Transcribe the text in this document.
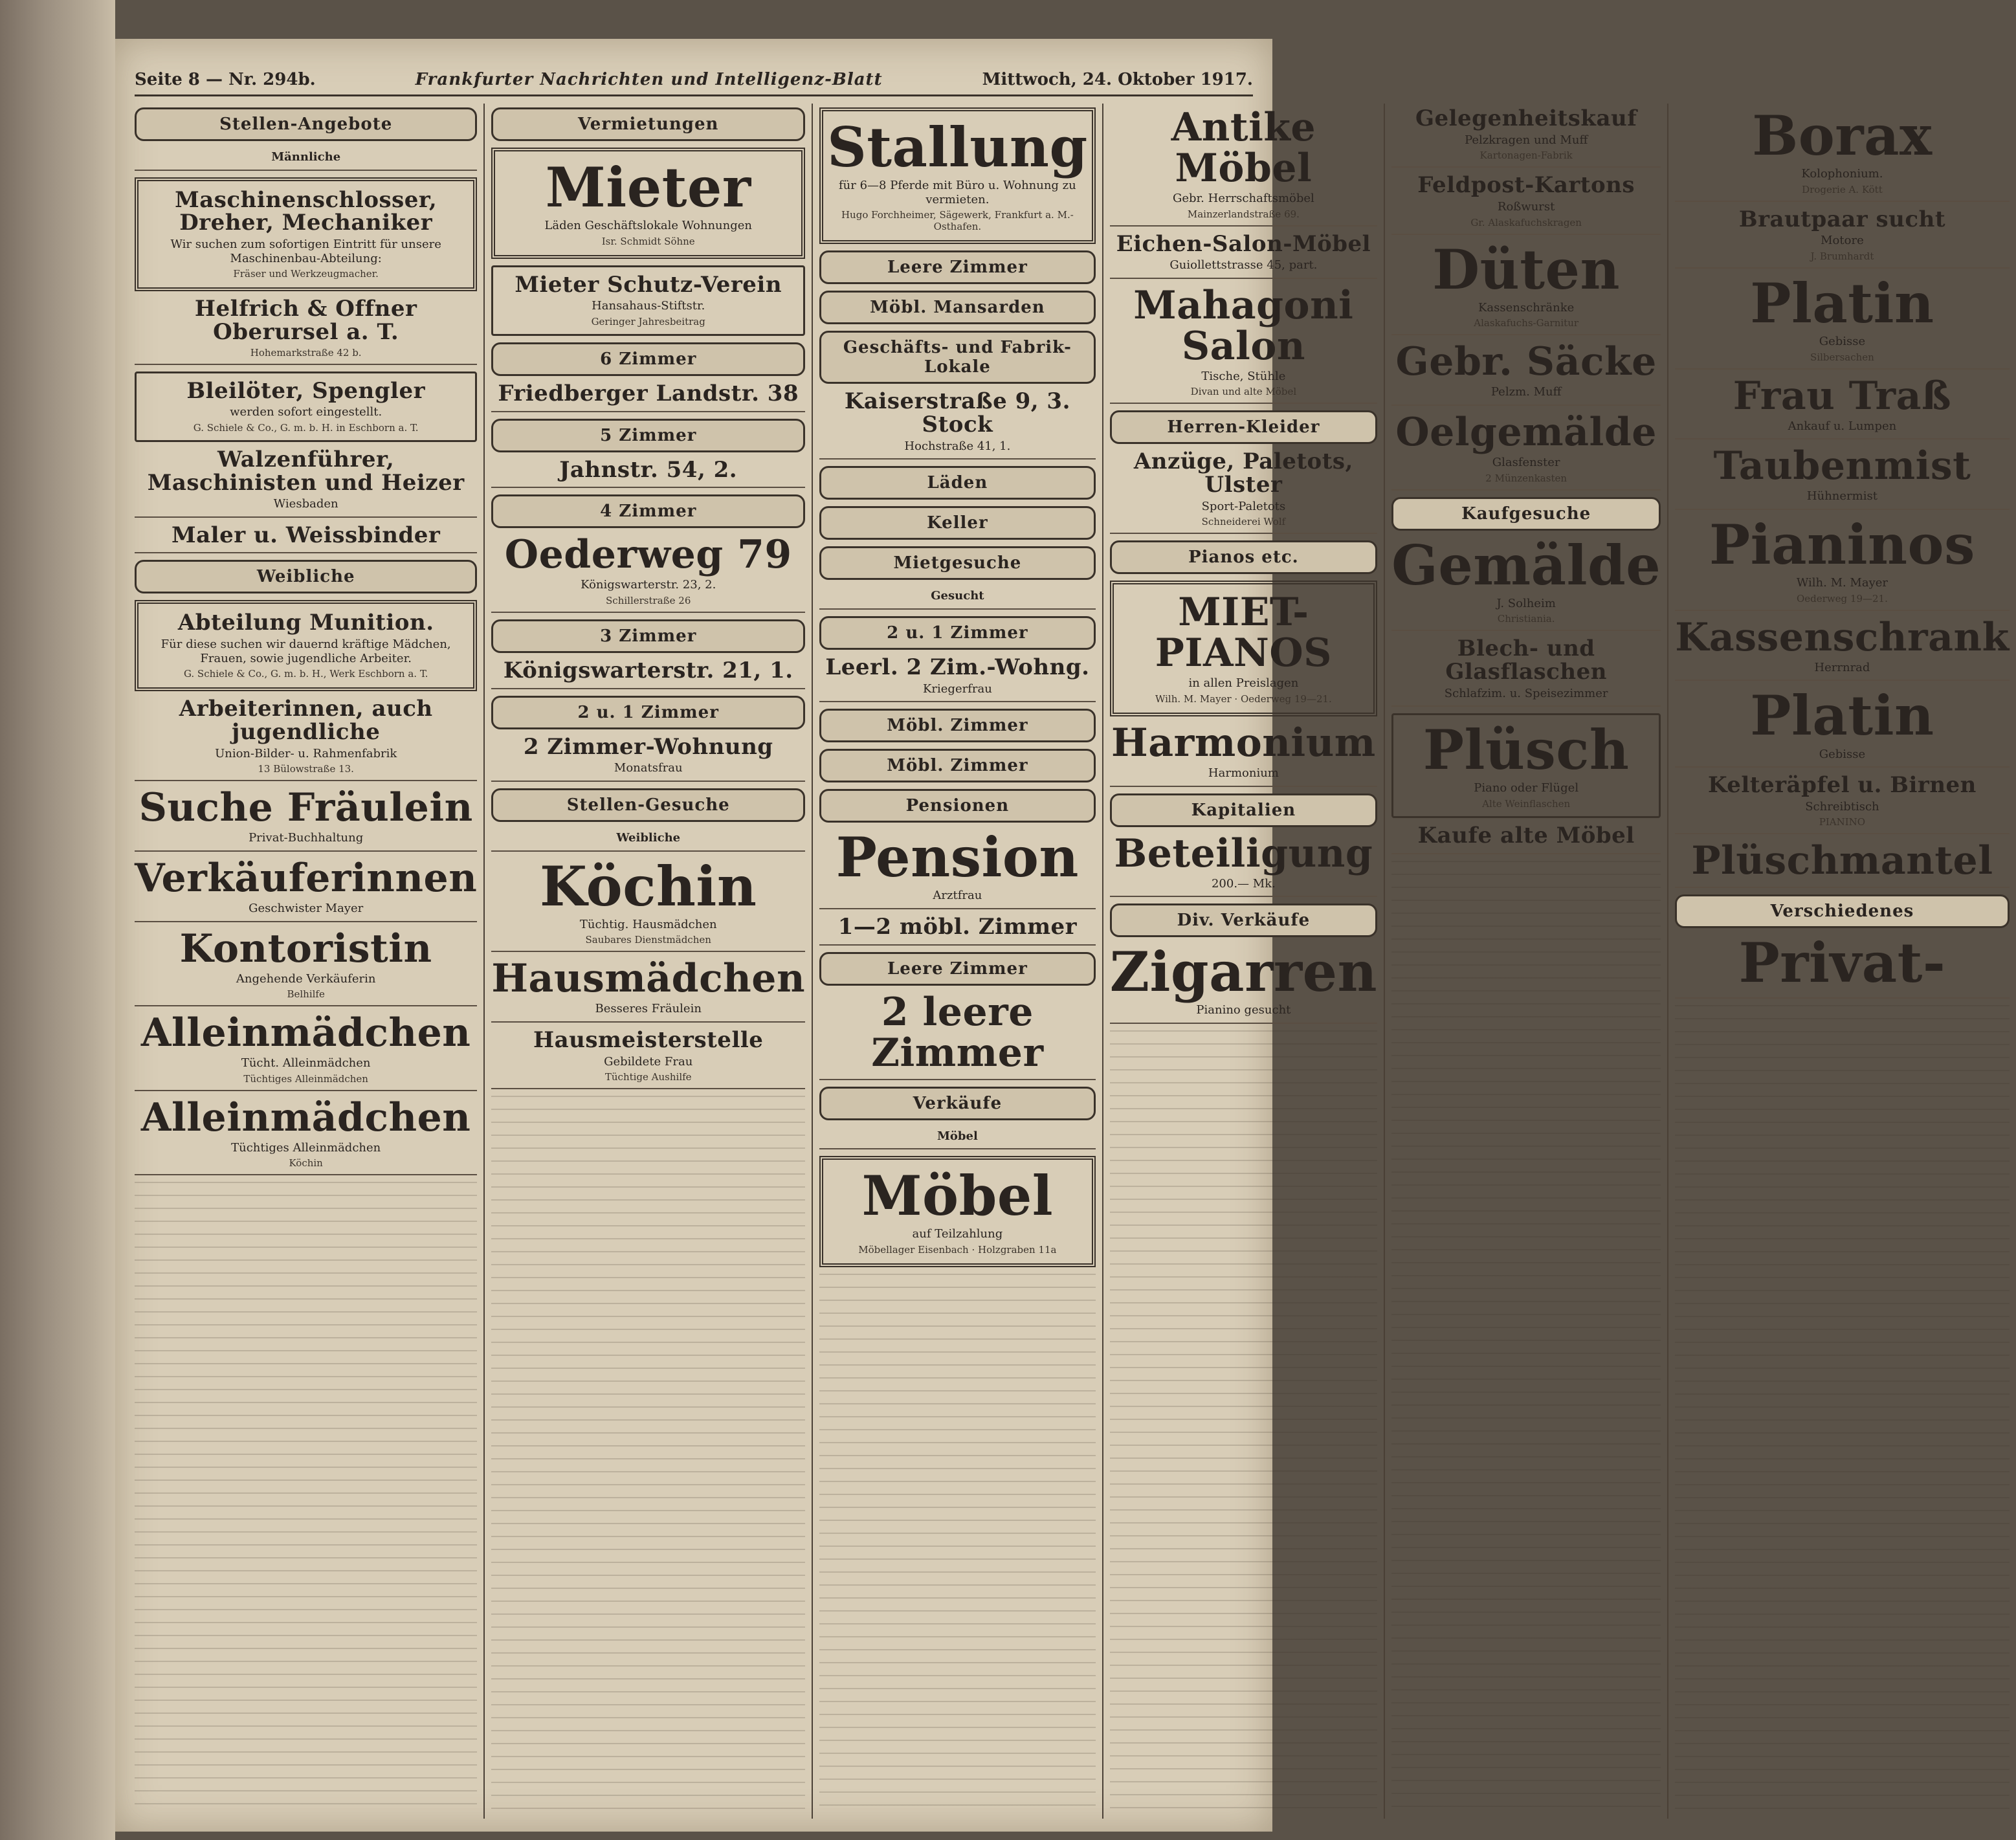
Seite 8 — Nr. 294b.	Frankfurter Nachrichten und Intelligenz-Blatt	Mittwoch, 24. Oktober 1917.
Stellen-Angebote
Männliche
Maschinenschlosser, Dreher, Mechaniker
Wir suchen zum sofortigen Eintritt für unsere Maschinenbau-Abteilung:
Fräser und Werkzeugmacher.
Helfrich & Offner Oberursel a. T.
Hohemarkstraße 42 b.
Bleilöter, Spengler
werden sofort eingestellt.
G. Schiele & Co., G. m. b. H. in Eschborn a. T.
Walzenführer, Maschinisten und Heizer
Wiesbaden
Maler u. Weissbinder
Weibliche
Abteilung Munition.
Für diese suchen wir dauernd kräftige Mädchen, Frauen, sowie jugendliche Arbeiter.
G. Schiele & Co., G. m. b. H., Werk Eschborn a. T.
Arbeiterinnen, auch jugendliche
Union-Bilder- u. Rahmenfabrik
13 Bülowstraße 13.
Suche Fräulein
Privat-Buchhaltung
Verkäuferinnen
Geschwister Mayer
Kontoristin
Angehende Verkäuferin
Belhilfe
Alleinmädchen
Tücht. Alleinmädchen
Tüchtiges Alleinmädchen
Alleinmädchen
Tüchtiges Alleinmädchen
Köchin
Vermietungen
Mieter
Läden Geschäftslokale Wohnungen
Isr. Schmidt Söhne
Mieter Schutz-Verein
Hansahaus-Stiftstr.
Geringer Jahresbeitrag
6 Zimmer
Friedberger Landstr. 38
5 Zimmer
Jahnstr. 54, 2.
4 Zimmer
Oederweg 79
Königswarterstr. 23, 2.
Schillerstraße 26
3 Zimmer
Königswarterstr. 21, 1.
2 u. 1 Zimmer
2 Zimmer-Wohnung
Monatsfrau
Stellen-Gesuche
Weibliche
Köchin
Tüchtig. Hausmädchen
Saubares Dienstmädchen
Hausmädchen
Besseres Fräulein
Hausmeisterstelle
Gebildete Frau
Tüchtige Aushilfe
Stallung
für 6—8 Pferde mit Büro u. Wohnung zu vermieten.
Hugo Forchheimer, Sägewerk, Frankfurt a. M.-Osthafen.
Leere Zimmer
Möbl. Mansarden
Geschäfts- und Fabrik-Lokale
Kaiserstraße 9, 3. Stock
Hochstraße 41, 1.
Läden
Keller
Mietgesuche
Gesucht
2 u. 1 Zimmer
Leerl. 2 Zim.-Wohng.
Kriegerfrau
Möbl. Zimmer
Möbl. Zimmer
Pensionen
Pension
Arztfrau
1—2 möbl. Zimmer
Leere Zimmer
2 leere Zimmer
Verkäufe
Möbel
Möbel
auf Teilzahlung
Möbellager Eisenbach · Holzgraben 11a
Antike Möbel
Gebr. Herrschaftsmöbel
Mainzerlandstraße 69.
Eichen-Salon-Möbel
Guiollettstrasse 45, part.
Mahagoni Salon
Tische, Stühle
Divan und alte Möbel
Herren-Kleider
Anzüge, Paletots, Ulster
Sport-Paletots
Schneiderei Wolf
Pianos etc.
MIET-PIANOS
in allen Preislagen
Wilh. M. Mayer · Oederweg 19—21.
Harmonium
Harmonium
Kapitalien
Beteiligung
200.— Mk.
Div. Verkäufe
Zigarren
Pianino gesucht
Gelegenheitskauf
Pelzkragen und Muff
Kartonagen-Fabrik
Feldpost-Kartons
Roßwurst
Gr. Alaskafuchskragen
Düten
Kassenschränke
Alaskafuchs-Garnitur
Gebr. Säcke
Pelzm. Muff
Oelgemälde
Glasfenster
2 Münzenkasten
Kaufgesuche
Gemälde
J. Solheim
Christiania.
Blech- und Glasflaschen
Schlafzim. u. Speisezimmer
Plüsch
Piano oder Flügel
Alte Weinflaschen
Kaufe alte Möbel
Borax
Kolophonium.
Drogerie A. Kött
Brautpaar sucht
Motore
J. Brumhardt
Platin
Gebisse
Silbersachen
Frau Traß
Ankauf u. Lumpen
Taubenmist
Hühnermist
Pianinos
Wilh. M. Mayer
Oederweg 19—21.
Kassenschrank
Herrnrad
Platin
Gebisse
Kelteräpfel u. Birnen
Schreibtisch
PIANINO
Plüschmantel
Verschiedenes
Privat-
